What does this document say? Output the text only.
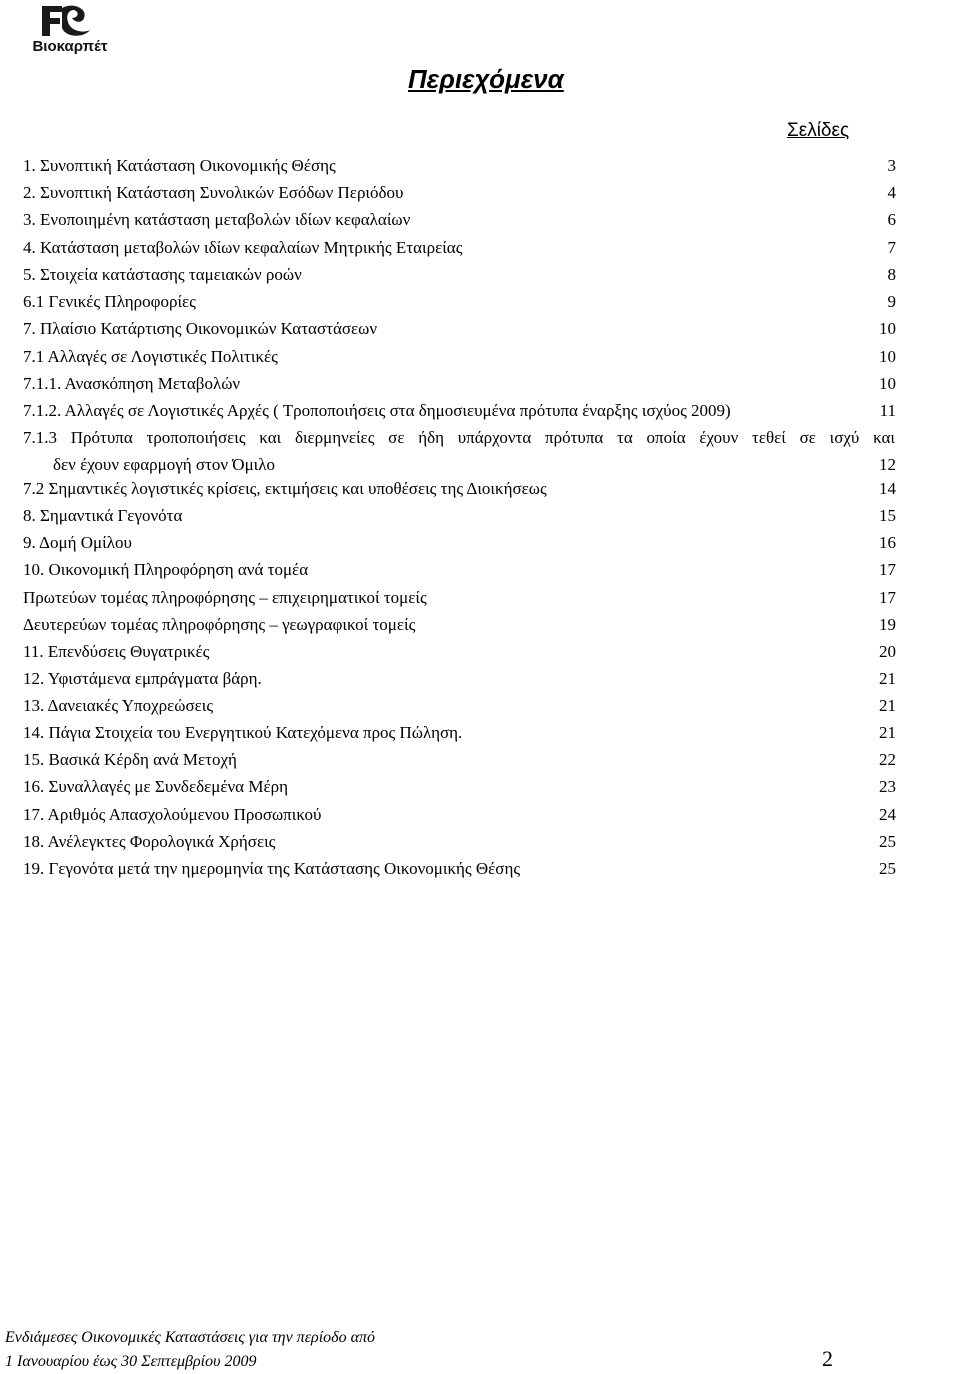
Βιοκαρπέτ
Περιεχόμενα
Σελίδες
1. Συνοπτική Κατάσταση Οικονομικής Θέσης	3
2. Συνοπτική Κατάσταση Συνολικών Εσόδων Περιόδου	4
3. Ενοποιημένη κατάσταση μεταβολών ιδίων κεφαλαίων	6
4. Κατάσταση μεταβολών ιδίων κεφαλαίων Μητρικής Εταιρείας	7
5. Στοιχεία κατάστασης ταμειακών ροών	8
6.1 Γενικές Πληροφορίες	9
7. Πλαίσιο Κατάρτισης Οικονομικών Καταστάσεων	10
7.1 Αλλαγές σε Λογιστικές Πολιτικές	10
7.1.1. Ανασκόπηση Μεταβολών	10
7.1.2. Αλλαγές σε Λογιστικές Αρχές ( Τροποποιήσεις στα δημοσιευμένα πρότυπα έναρξης ισχύος 2009)	11
7.1.3 Πρότυπα τροποποιήσεις και διερμηνείες σε ήδη υπάρχοντα πρότυπα τα οποία έχουν τεθεί σε ισχύ και
δεν έχουν εφαρμογή στον Όμιλο	12
7.2 Σημαντικές λογιστικές κρίσεις, εκτιμήσεις και υποθέσεις της Διοικήσεως	14
8. Σημαντικά Γεγονότα	15
9. Δομή Ομίλου	16
10. Οικονομική Πληροφόρηση ανά τομέα	17
Πρωτεύων τομέας πληροφόρησης – επιχειρηματικοί τομείς	17
Δευτερεύων τομέας πληροφόρησης – γεωγραφικοί τομείς	19
11. Επενδύσεις Θυγατρικές	20
12. Υφιστάμενα εμπράγματα βάρη.	21
13. Δανειακές Υποχρεώσεις	21
14. Πάγια Στοιχεία του Ενεργητικού Κατεχόμενα προς Πώληση.	21
15. Βασικά Κέρδη ανά Μετοχή	22
16. Συναλλαγές με Συνδεδεμένα Μέρη	23
17. Αριθμός Απασχολούμενου Προσωπικού	24
18. Ανέλεγκτες Φορολογικά Χρήσεις	25
19. Γεγονότα μετά την ημερομηνία της Κατάστασης Οικονομικής Θέσης	25
Ενδιάμεσες Οικονομικές Καταστάσεις για την περίοδο από
1 Ιανουαρίου έως 30 Σεπτεμβρίου 2009	2
